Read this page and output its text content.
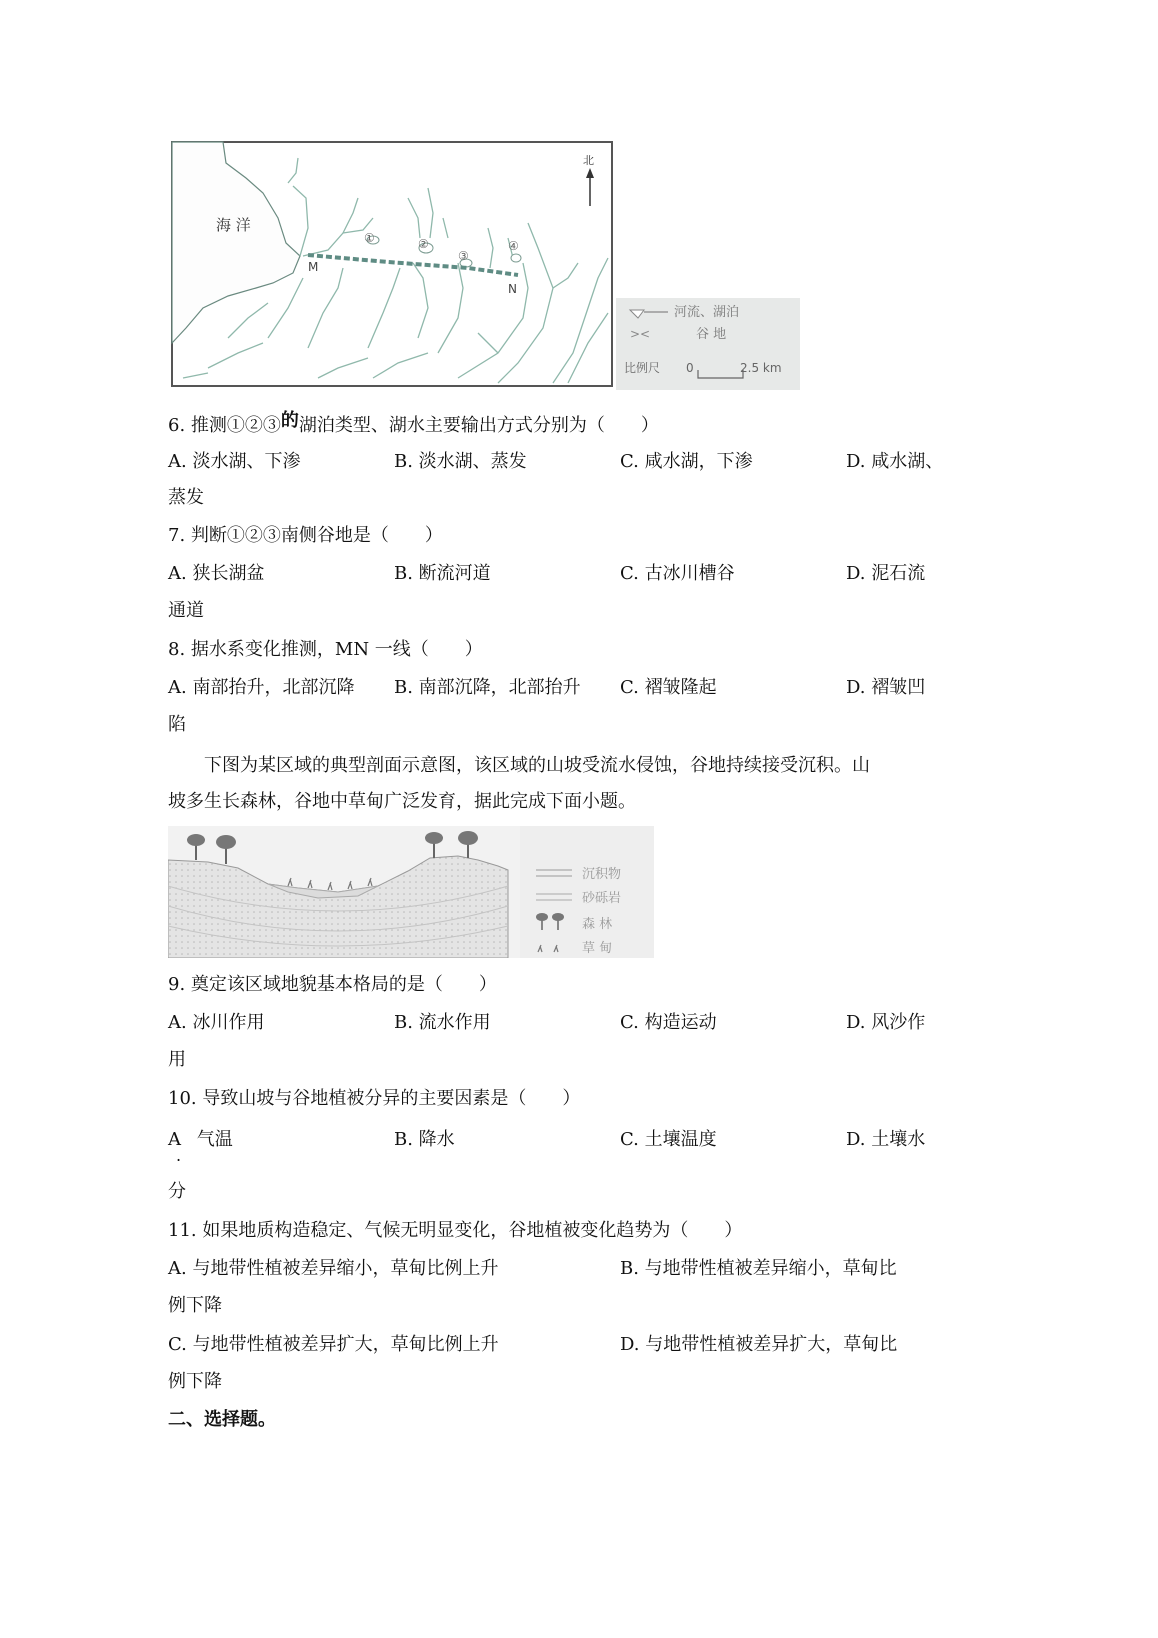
北
海 洋
M
N
①	②
③
④
河流、湖泊
><	谷 地
比例尺 0	2.5 km
6. 推测①②③的湖泊类型、湖水主要输出方式分别为（　　）
A. 淡水湖、下渗	B. 淡水湖、蒸发	C. 咸水湖，下渗	D. 咸水湖、
蒸发
7. 判断①②③南侧谷地是（　　）
A. 狭长湖盆	B. 断流河道	C. 古冰川槽谷	D. 泥石流
通道
8. 据水系变化推测，MN 一线（　　）
A. 南部抬升，北部沉降 B. 南部沉降，北部抬升 C. 褶皱隆起	D. 褶皱凹
陷
下图为某区域的典型剖面示意图，该区域的山坡受流水侵蚀，谷地持续接受沉积。山
坡多生长森林，谷地中草甸广泛发育，据此完成下面小题。
沉积物
砂砾岩
森 林
草 甸
9. 奠定该区域地貌基本格局的是（　　）
A. 冰川作用	B. 流水作用	C. 构造运动	D. 风沙作
用
10. 导致山坡与谷地植被分异的主要因素是（　　）
A 气温
.
B. 降水	C. 土壤温度	D. 土壤水
分
11. 如果地质构造稳定、气候无明显变化，谷地植被变化趋势为（　　）
A. 与地带性植被差异缩小，草甸比例上升	B. 与地带性植被差异缩小，草甸比
例下降
C. 与地带性植被差异扩大，草甸比例上升	D. 与地带性植被差异扩大，草甸比
例下降
二、选择题。
